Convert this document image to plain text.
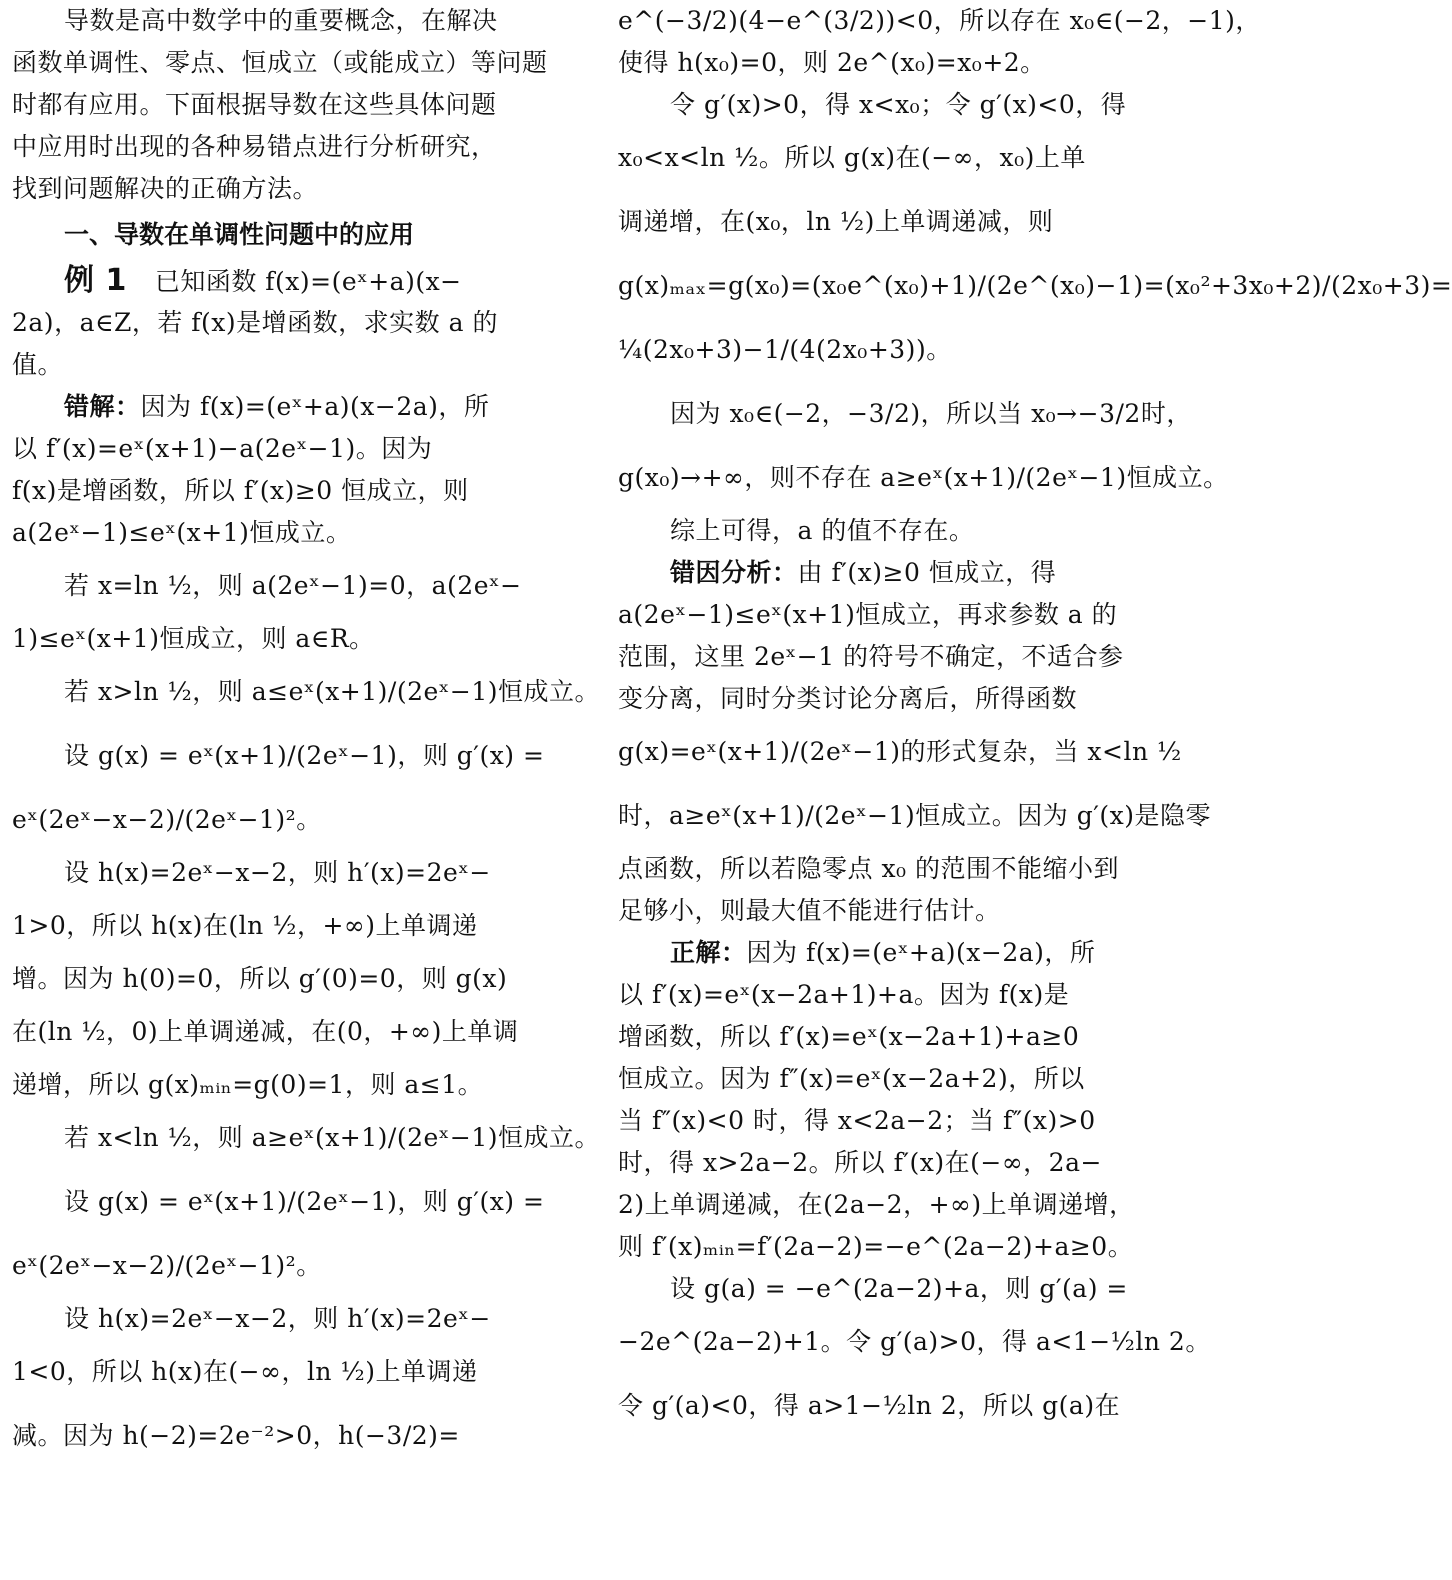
导数是高中数学中的重要概念，在解决
函数单调性、零点、恒成立（或能成立）等问题
时都有应用。下面根据导数在这些具体问题
中应用时出现的各种易错点进行分析研究，
找到问题解决的正确方法。
一、导数在单调性问题中的应用
例 1 已知函数 f(x)=(eˣ+a)(x−
2a)，a∈Z，若 f(x)是增函数，求实数 a 的
值。
错解：因为 f(x)=(eˣ+a)(x−2a)，所
以 f′(x)=eˣ(x+1)−a(2eˣ−1)。因为
f(x)是增函数，所以 f′(x)≥0 恒成立，则
a(2eˣ−1)≤eˣ(x+1)恒成立。
若 x=ln ½，则 a(2eˣ−1)=0，a(2eˣ−
1)≤eˣ(x+1)恒成立，则 a∈R。
若 x>ln ½，则 a≤eˣ(x+1)/(2eˣ−1)恒成立。
设 g(x) = eˣ(x+1)/(2eˣ−1)，则 g′(x) =
eˣ(2eˣ−x−2)/(2eˣ−1)²。
设 h(x)=2eˣ−x−2，则 h′(x)=2eˣ−
1>0，所以 h(x)在(ln ½，+∞)上单调递
增。因为 h(0)=0，所以 g′(0)=0，则 g(x)
在(ln ½，0)上单调递减，在(0，+∞)上单调
递增，所以 g(x)ₘᵢₙ=g(0)=1，则 a≤1。
若 x<ln ½，则 a≥eˣ(x+1)/(2eˣ−1)恒成立。
设 g(x) = eˣ(x+1)/(2eˣ−1)，则 g′(x) =
eˣ(2eˣ−x−2)/(2eˣ−1)²。
设 h(x)=2eˣ−x−2，则 h′(x)=2eˣ−
1<0，所以 h(x)在(−∞，ln ½)上单调递
减。因为 h(−2)=2e⁻²>0，h(−3/2)=
e^(−3/2)(4−e^(3/2))<0，所以存在 x₀∈(−2，−1)，
使得 h(x₀)=0，则 2e^(x₀)=x₀+2。
令 g′(x)>0，得 x<x₀；令 g′(x)<0，得
x₀<x<ln ½。所以 g(x)在(−∞，x₀)上单
调递增，在(x₀，ln ½)上单调递减，则
g(x)ₘₐₓ=g(x₀)=(x₀e^(x₀)+1)/(2e^(x₀)−1)=(x₀²+3x₀+2)/(2x₀+3)=
¼(2x₀+3)−1/(4(2x₀+3))。
因为 x₀∈(−2，−3/2)，所以当 x₀→−3/2时，
g(x₀)→+∞，则不存在 a≥eˣ(x+1)/(2eˣ−1)恒成立。
综上可得，a 的值不存在。
错因分析：由 f′(x)≥0 恒成立，得
a(2eˣ−1)≤eˣ(x+1)恒成立，再求参数 a 的
范围，这里 2eˣ−1 的符号不确定，不适合参
变分离，同时分类讨论分离后，所得函数
g(x)=eˣ(x+1)/(2eˣ−1)的形式复杂，当 x<ln ½
时，a≥eˣ(x+1)/(2eˣ−1)恒成立。因为 g′(x)是隐零
点函数，所以若隐零点 x₀ 的范围不能缩小到
足够小，则最大值不能进行估计。
正解：因为 f(x)=(eˣ+a)(x−2a)，所
以 f′(x)=eˣ(x−2a+1)+a。因为 f(x)是
增函数，所以 f′(x)=eˣ(x−2a+1)+a≥0
恒成立。因为 f″(x)=eˣ(x−2a+2)，所以
当 f″(x)<0 时，得 x<2a−2；当 f″(x)>0
时，得 x>2a−2。所以 f′(x)在(−∞，2a−
2)上单调递减，在(2a−2，+∞)上单调递增，
则 f′(x)ₘᵢₙ=f′(2a−2)=−e^(2a−2)+a≥0。
设 g(a) = −e^(2a−2)+a，则 g′(a) =
−2e^(2a−2)+1。令 g′(a)>0，得 a<1−½ln 2。
令 g′(a)<0，得 a>1−½ln 2，所以 g(a)在
